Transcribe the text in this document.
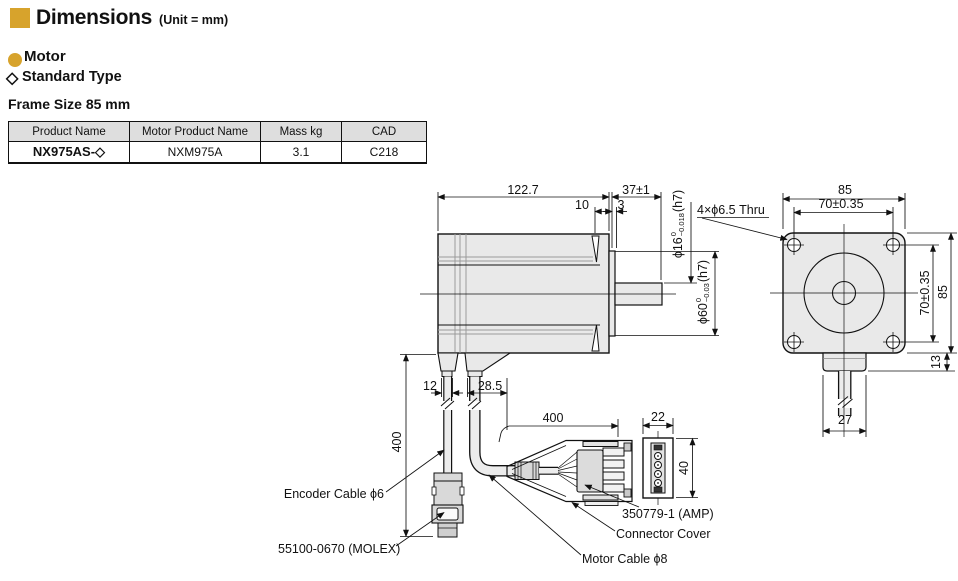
Dimensions (Unit = mm)
Motor
◇ Standard Type
Frame Size 85 mm
Product Name	Motor Product Name	Mass kg	CAD
NX975AS-◇	NXM975A	3.1	C218
122.7	37±1
10 3
ϕ16
0
−0.018
(h7)
ϕ60
0
−0.03
(h7)
400
12	28.5
400	22
40
85
70±0.35
70±0.35 85
13
27
4×ϕ6.5 Thru
Encoder Cable ϕ6
55100-0670 (MOLEX)
Motor Cable ϕ8
Connector Cover
350779-1 (AMP)
